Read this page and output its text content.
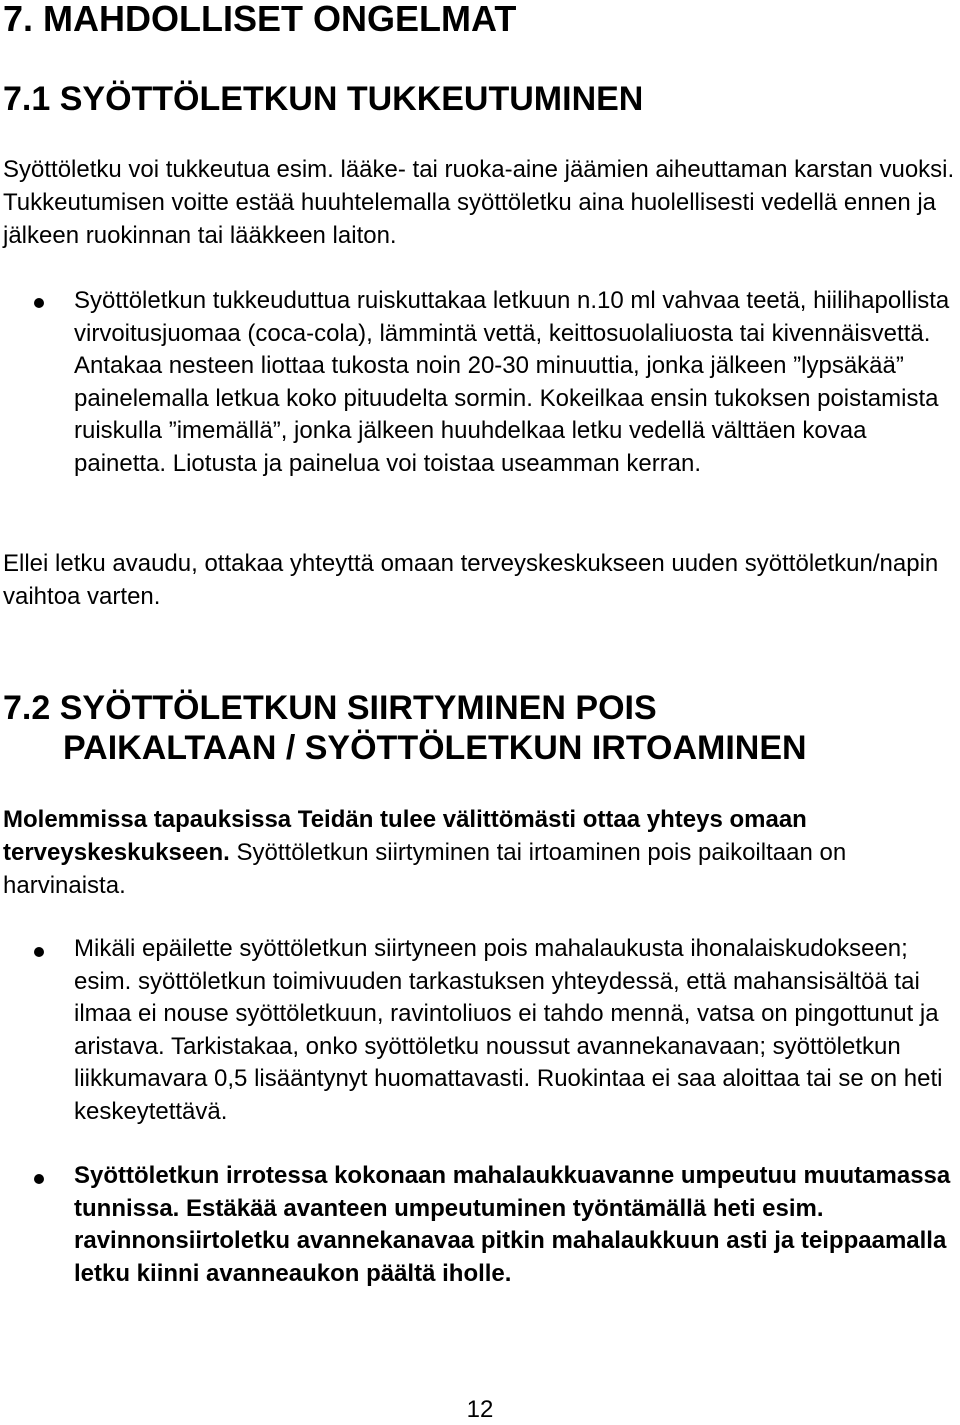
7. MAHDOLLISET ONGELMAT
7.1 SYÖTTÖLETKUN TUKKEUTUMINEN

Syöttöletku voi tukkeutua esim. lääke- tai ruoka-aine jäämien aiheuttaman karstan vuoksi. Tukkeutumisen voitte estää huuhtelemalla syöttöletku aina huolellisesti vedellä ennen ja jälkeen ruokinnan tai lääkkeen laiton.

Syöttöletkun tukkeuduttua ruiskuttakaa letkuun n.10 ml vahvaa teetä, hiilihapollista virvoitusjuomaa (coca-cola), lämmintä vettä, keittosuolaliuosta tai kivennäisvettä. Antakaa nesteen liottaa tukosta noin 20-30 minuuttia, jonka jälkeen ”lypsäkää” painelemalla letkua koko pituudelta sormin. Kokeilkaa ensin tukoksen poistamista ruiskulla ”imemällä”, jonka jälkeen huuhdelkaa letku vedellä välttäen kovaa painetta. Liotusta ja painelua voi toistaa useamman kerran.

Ellei letku avaudu, ottakaa yhteyttä omaan terveyskeskukseen uuden syöttöletkun/napin vaihtoa varten.

7.2 SYÖTTÖLETKUN SIIRTYMINEN POIS
PAIKALTAAN / SYÖTTÖLETKUN IRTOAMINEN

Molemmissa tapauksissa Teidän tulee välittömästi ottaa yhteys omaan terveyskeskukseen. Syöttöletkun siirtyminen tai irtoaminen pois paikoiltaan on harvinaista.

Mikäli epäilette syöttöletkun siirtyneen pois mahalaukusta ihonalaiskudokseen; esim. syöttöletkun toimivuuden tarkastuksen yhteydessä, että mahansisältöä tai ilmaa ei nouse syöttöletkuun, ravintoliuos ei tahdo mennä, vatsa on pingottunut ja aristava. Tarkistakaa, onko syöttöletku noussut avannekanavaan; syöttöletkun liikkumavara 0,5 lisääntynyt huomattavasti. Ruokintaa ei saa aloittaa tai se on heti keskeytettävä.

Syöttöletkun irrotessa kokonaan mahalaukkuavanne umpeutuu muutamassa tunnissa. Estäkää avanteen umpeutuminen työntämällä heti esim. ravinnonsiirtoletku avannekanavaa pitkin mahalaukkuun asti ja teippaamalla letku kiinni avanneaukon päältä iholle.

12
